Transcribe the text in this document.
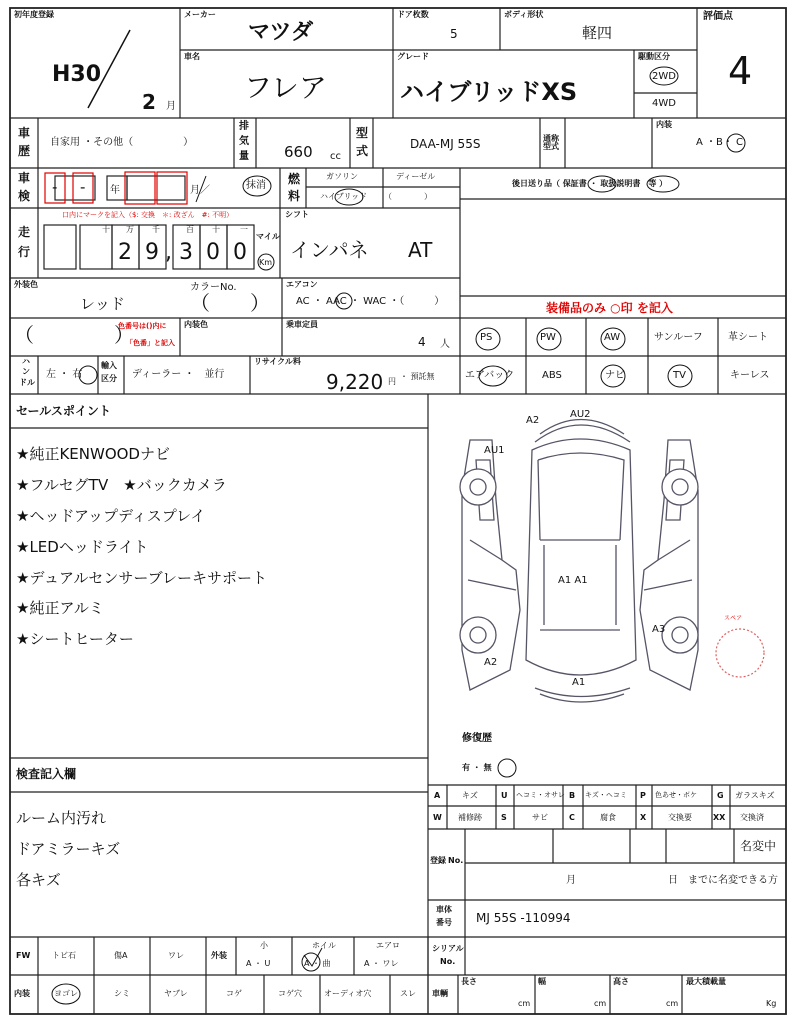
初年度登録
H30
2 月
メーカー
マツダ
ドア枚数
5
ボディ形状
軽四
評価点
4
車名
フレア
グレード
ハイブリッドXS
駆動区分
2WD
4WD
車
歴
自家用 ・その他（　　　　　）
排
気
量 660 cc
型
式	DAA-MJ 55S	通称型式
内装
A ・B・ C
車
検 - - 年	月／	抹消 燃
料
ガソリン	ディーゼル
ハイブリッド （　　　　）
後日送り品（ 保証書 ・ 取扱説明書　等 ）
走
行
口内にマークを記入（$: 交換　＊: 改ざん　#: 不明）
十 万 千	百 十	一
2 9 , 3 0 0
マイル
Km
シフト
インパネ AT
外装色
レッド
カラーNo.
（　　）
エアコン
AC ・ AAC ・ WAC ・（　　　）	装備品のみ ○印 を記入
（　　　　）
色番号は()内に
「色番」と記入
内装色	乗車定員
4 人
PS	PW	AW	サンルーフ	革シート
エアバック	ABS	ナビ	TV	キーレス
ハ
ン
ドル
左 ・ 右
輸入
区分 ディーラー ・　並行
リサイクル料
9,220 円
・ 預託無
セールスポイント
★純正KENWOODナビ
★フルセグTV　★バックカメラ
★ヘッドアップディスプレイ
★LEDヘッドライト
★デュアルセンサーブレーキサポート
★純正アルミ
★シートヒーター
A2
AU2
AU1
A1 A1
A3
A2
A1
スペア
修復歴
有 ・ 無
検査記入欄
ルーム内汚れ
ドアミラーキズ
各キズ
A	キズ	U ヘコミ・オサレ B キズ・ヘコミ P 色あせ・ボケ	G ガラスキズ
W 補修跡 S	サビ	C	腐食	X	交換要	XX 交換済
登録 No.
名変中
月	日　までに名変できる方
車体
番号 MJ 55S -110994
FW	トビ石	傷A	ワレ	外装
小
A ・ U
ホイル
A ・ 曲
エアロ
A ・ ワレ
シリアル
No.
内装	ヨゴレ	シミ	ヤブレ	コゲ	コゲ穴	オーディオ穴	スレ 車輌
長さ
cm
幅
cm
高さ
cm
最大積載量
Kg
